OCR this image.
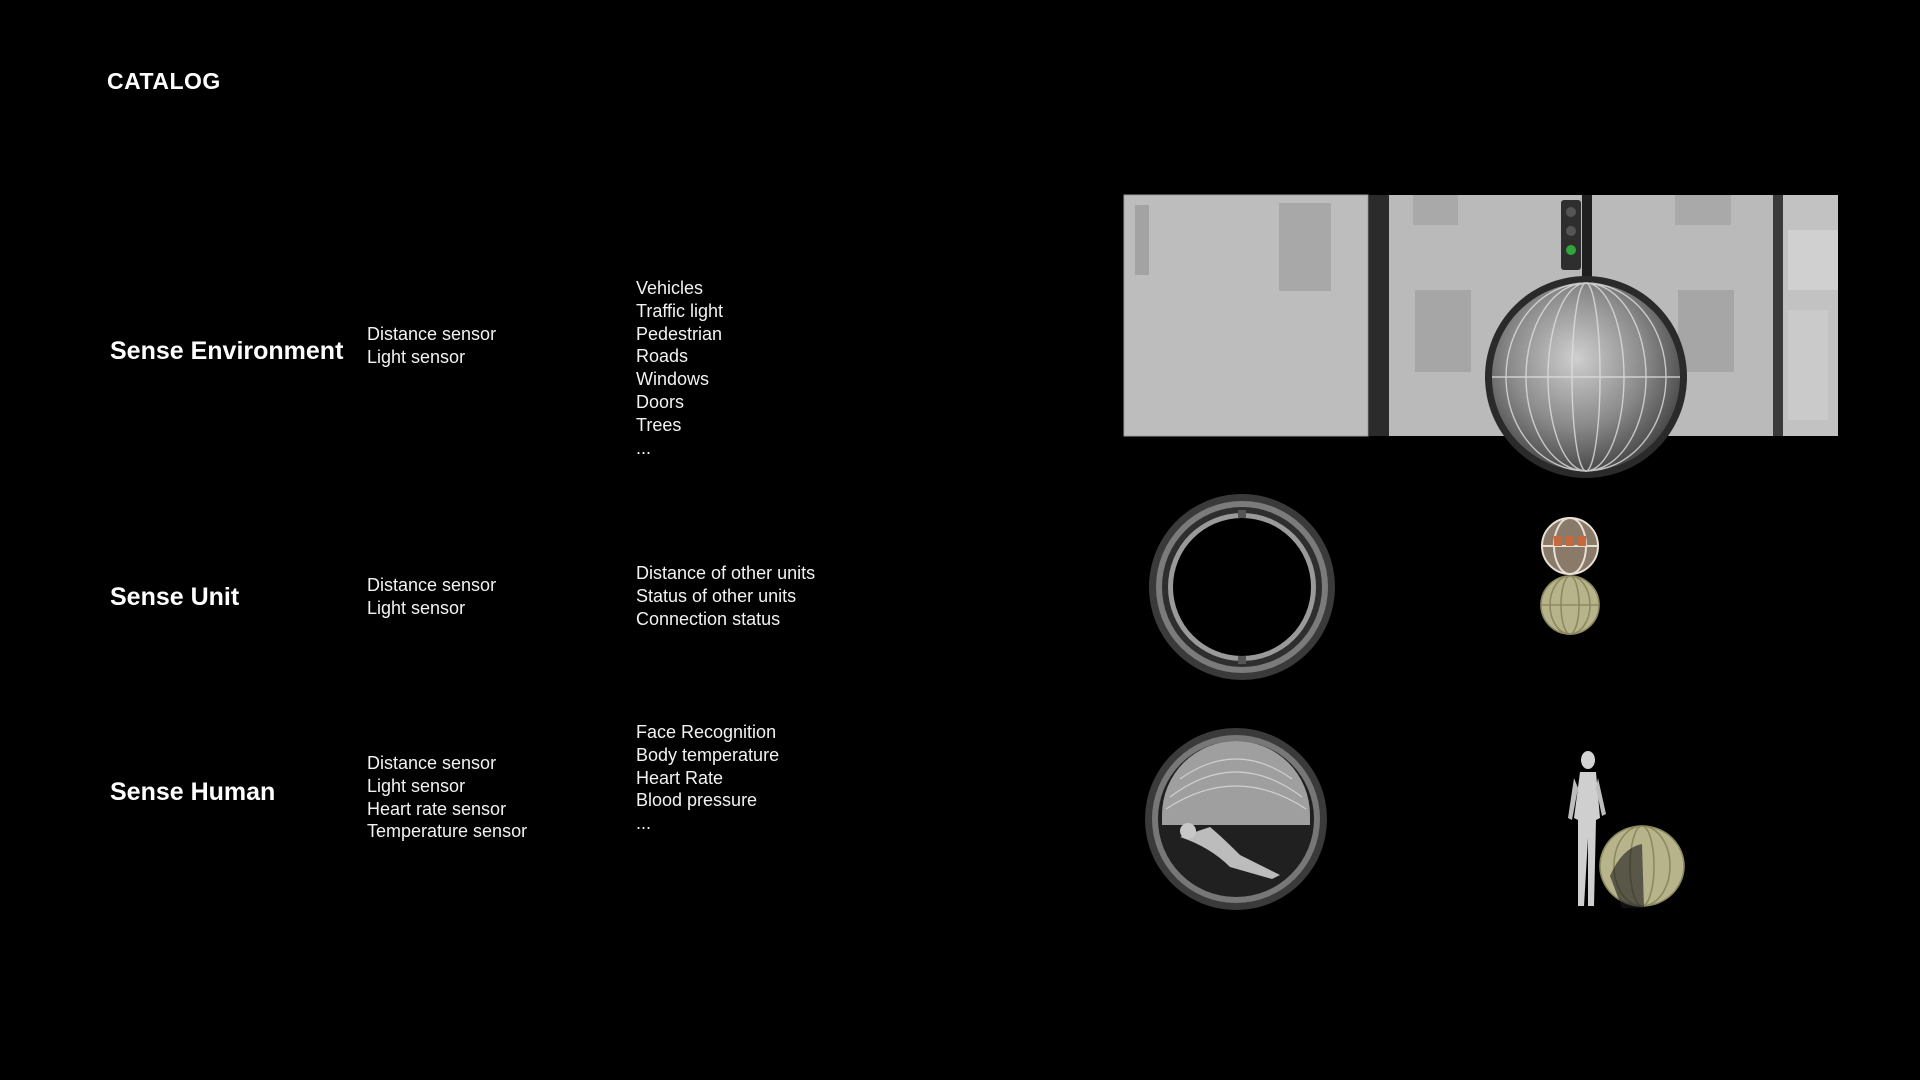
CATALOG
Sense Environment
Distance sensor
Light sensor
Vehicles
Traffic light
Pedestrian
Roads
Windows
Doors
Trees
...
Sense Unit	Distance sensor
Light sensor
Distance of other units
Status of other units
Connection status
Sense Human
Distance sensor
Light sensor
Heart rate sensor
Temperature sensor
Face Recognition
Body temperature
Heart Rate
Blood pressure
...
